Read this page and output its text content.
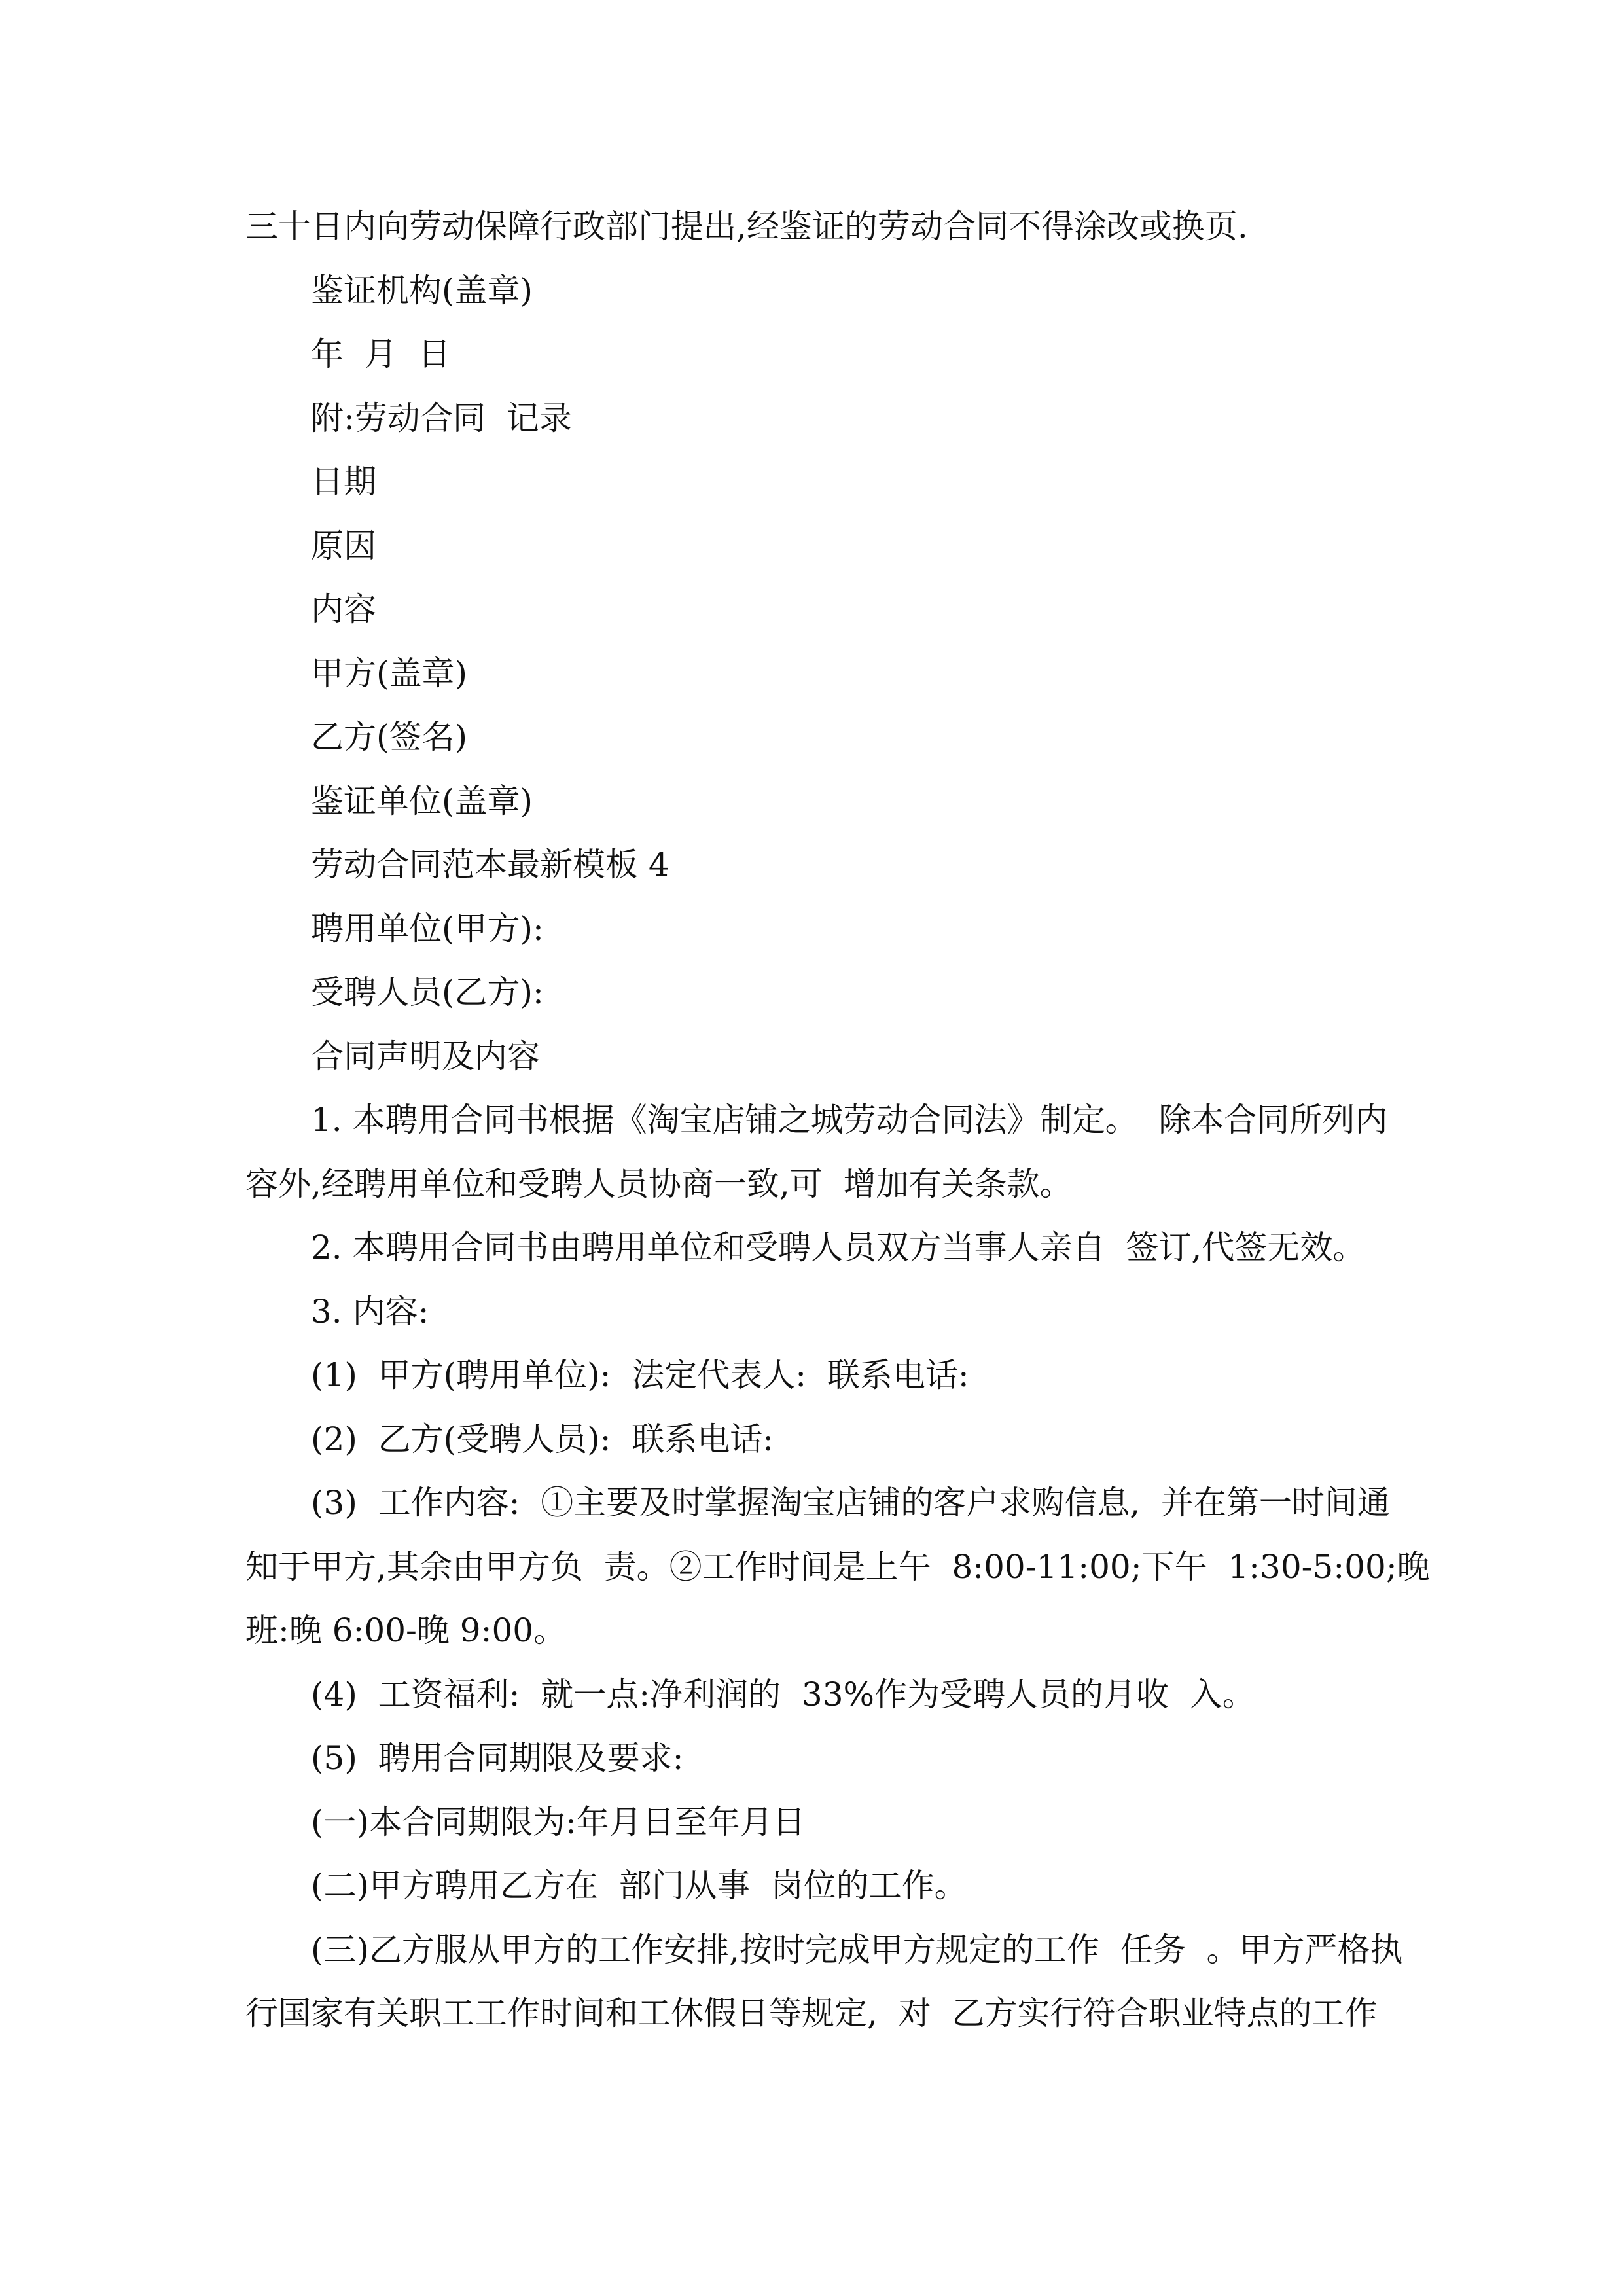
三十日内向劳动保障行政部门提出,经鉴证的劳动合同不得涂改或换页.
鉴证机构(盖章)
年  月  日
附:劳动合同  记录
日期
原因
内容
甲方(盖章)
乙方(签名)
鉴证单位(盖章)
劳动合同范本最新模板 4
聘用单位(甲方):
受聘人员(乙方):
合同声明及内容
1. 本聘用合同书根据《淘宝店铺之城劳动合同法》制定。  除本合同所列内
容外,经聘用单位和受聘人员协商一致,可  增加有关条款。
2. 本聘用合同书由聘用单位和受聘人员双方当事人亲自  签订,代签无效。
3. 内容:
(1)  甲方(聘用单位):  法定代表人:  联系电话:
(2)  乙方(受聘人员):  联系电话:
(3)  工作内容:  ①主要及时掌握淘宝店铺的客户求购信息,  并在第一时间通
知于甲方,其余由甲方负  责。②工作时间是上午  8:00-11:00;下午  1:30-5:00;晚
班:晚 6:00-晚 9:00。
(4)  工资福利:  就一点:净利润的  33%作为受聘人员的月收  入。
(5)  聘用合同期限及要求:
(一)本合同期限为:年月日至年月日
(二)甲方聘用乙方在  部门从事  岗位的工作。
(三)乙方服从甲方的工作安排,按时完成甲方规定的工作  任务  。甲方严格执
行国家有关职工工作时间和工休假日等规定,  对  乙方实行符合职业特点的工作
